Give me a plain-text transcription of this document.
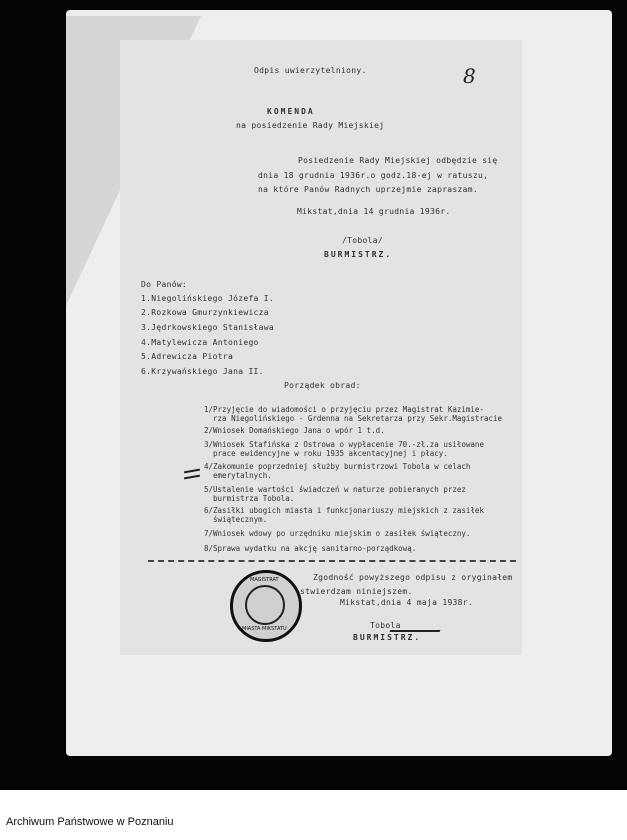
Odpis uwierzytelniony.	8
KOMENDA
na posiedzenie Rady Miejskiej
Posiedzenie Rady Miejskiej odbędzie się
dnia 18 grudnia 1936r.o godz.18-ej w ratuszu,
na które Panów Radnych uprzejmie zapraszam.
Mikstat,dnia 14 grudnia 1936r.
/Tobola/
BURMISTRZ.
Do Panów:
1.Niegolińskiego Józefa I.
2.Rozkowa Gmurzynkiewicza
3.Jędrkowskiego Stanisława
4.Matylewicza Antoniego
5.Adrewicza Piotra
6.Krzywańskiego Jana II.
Porządek obrad:
1/Przyjęcie do wiadomości o przyjęciu przez Magistrat Kazimie-
rza Niegolińskiego - Grdenna na Sekretarza przy Sekr.Magistracie
2/Wniosek Domańskiego Jana o wpór 1 t.d.
3/Wniosek Stafińska z Ostrowa o wypłacenie 70.-zł.za usiłowane
prace ewidencyjne w roku 1935 akcentacyjnej i płacy.
4/Zakomunie poprzedniej służby burmistrzowi Tobola w celach
emerytalnych.
5/Ustalenie wartości świadczeń w naturze pobieranych przez
burmistrza Tobola.
6/Zasiłki ubogich miasta i funkcjonariuszy miejskich z zasiłek
świątecznym.
7/Wniosek wdowy po urzędniku miejskim o zasiłek świąteczny.
8/Sprawa wydatku na akcję sanitarno-porządkową.
Zgodność powyższego odpisu z oryginałem
stwierdzam niniejszem.
Mikstat,dnia 4 maja 1938r.
Tobola
BURMISTRZ.
MAGISTRAT
MIASTA MIKSTATU
Archiwum Państwowe w Poznaniu
